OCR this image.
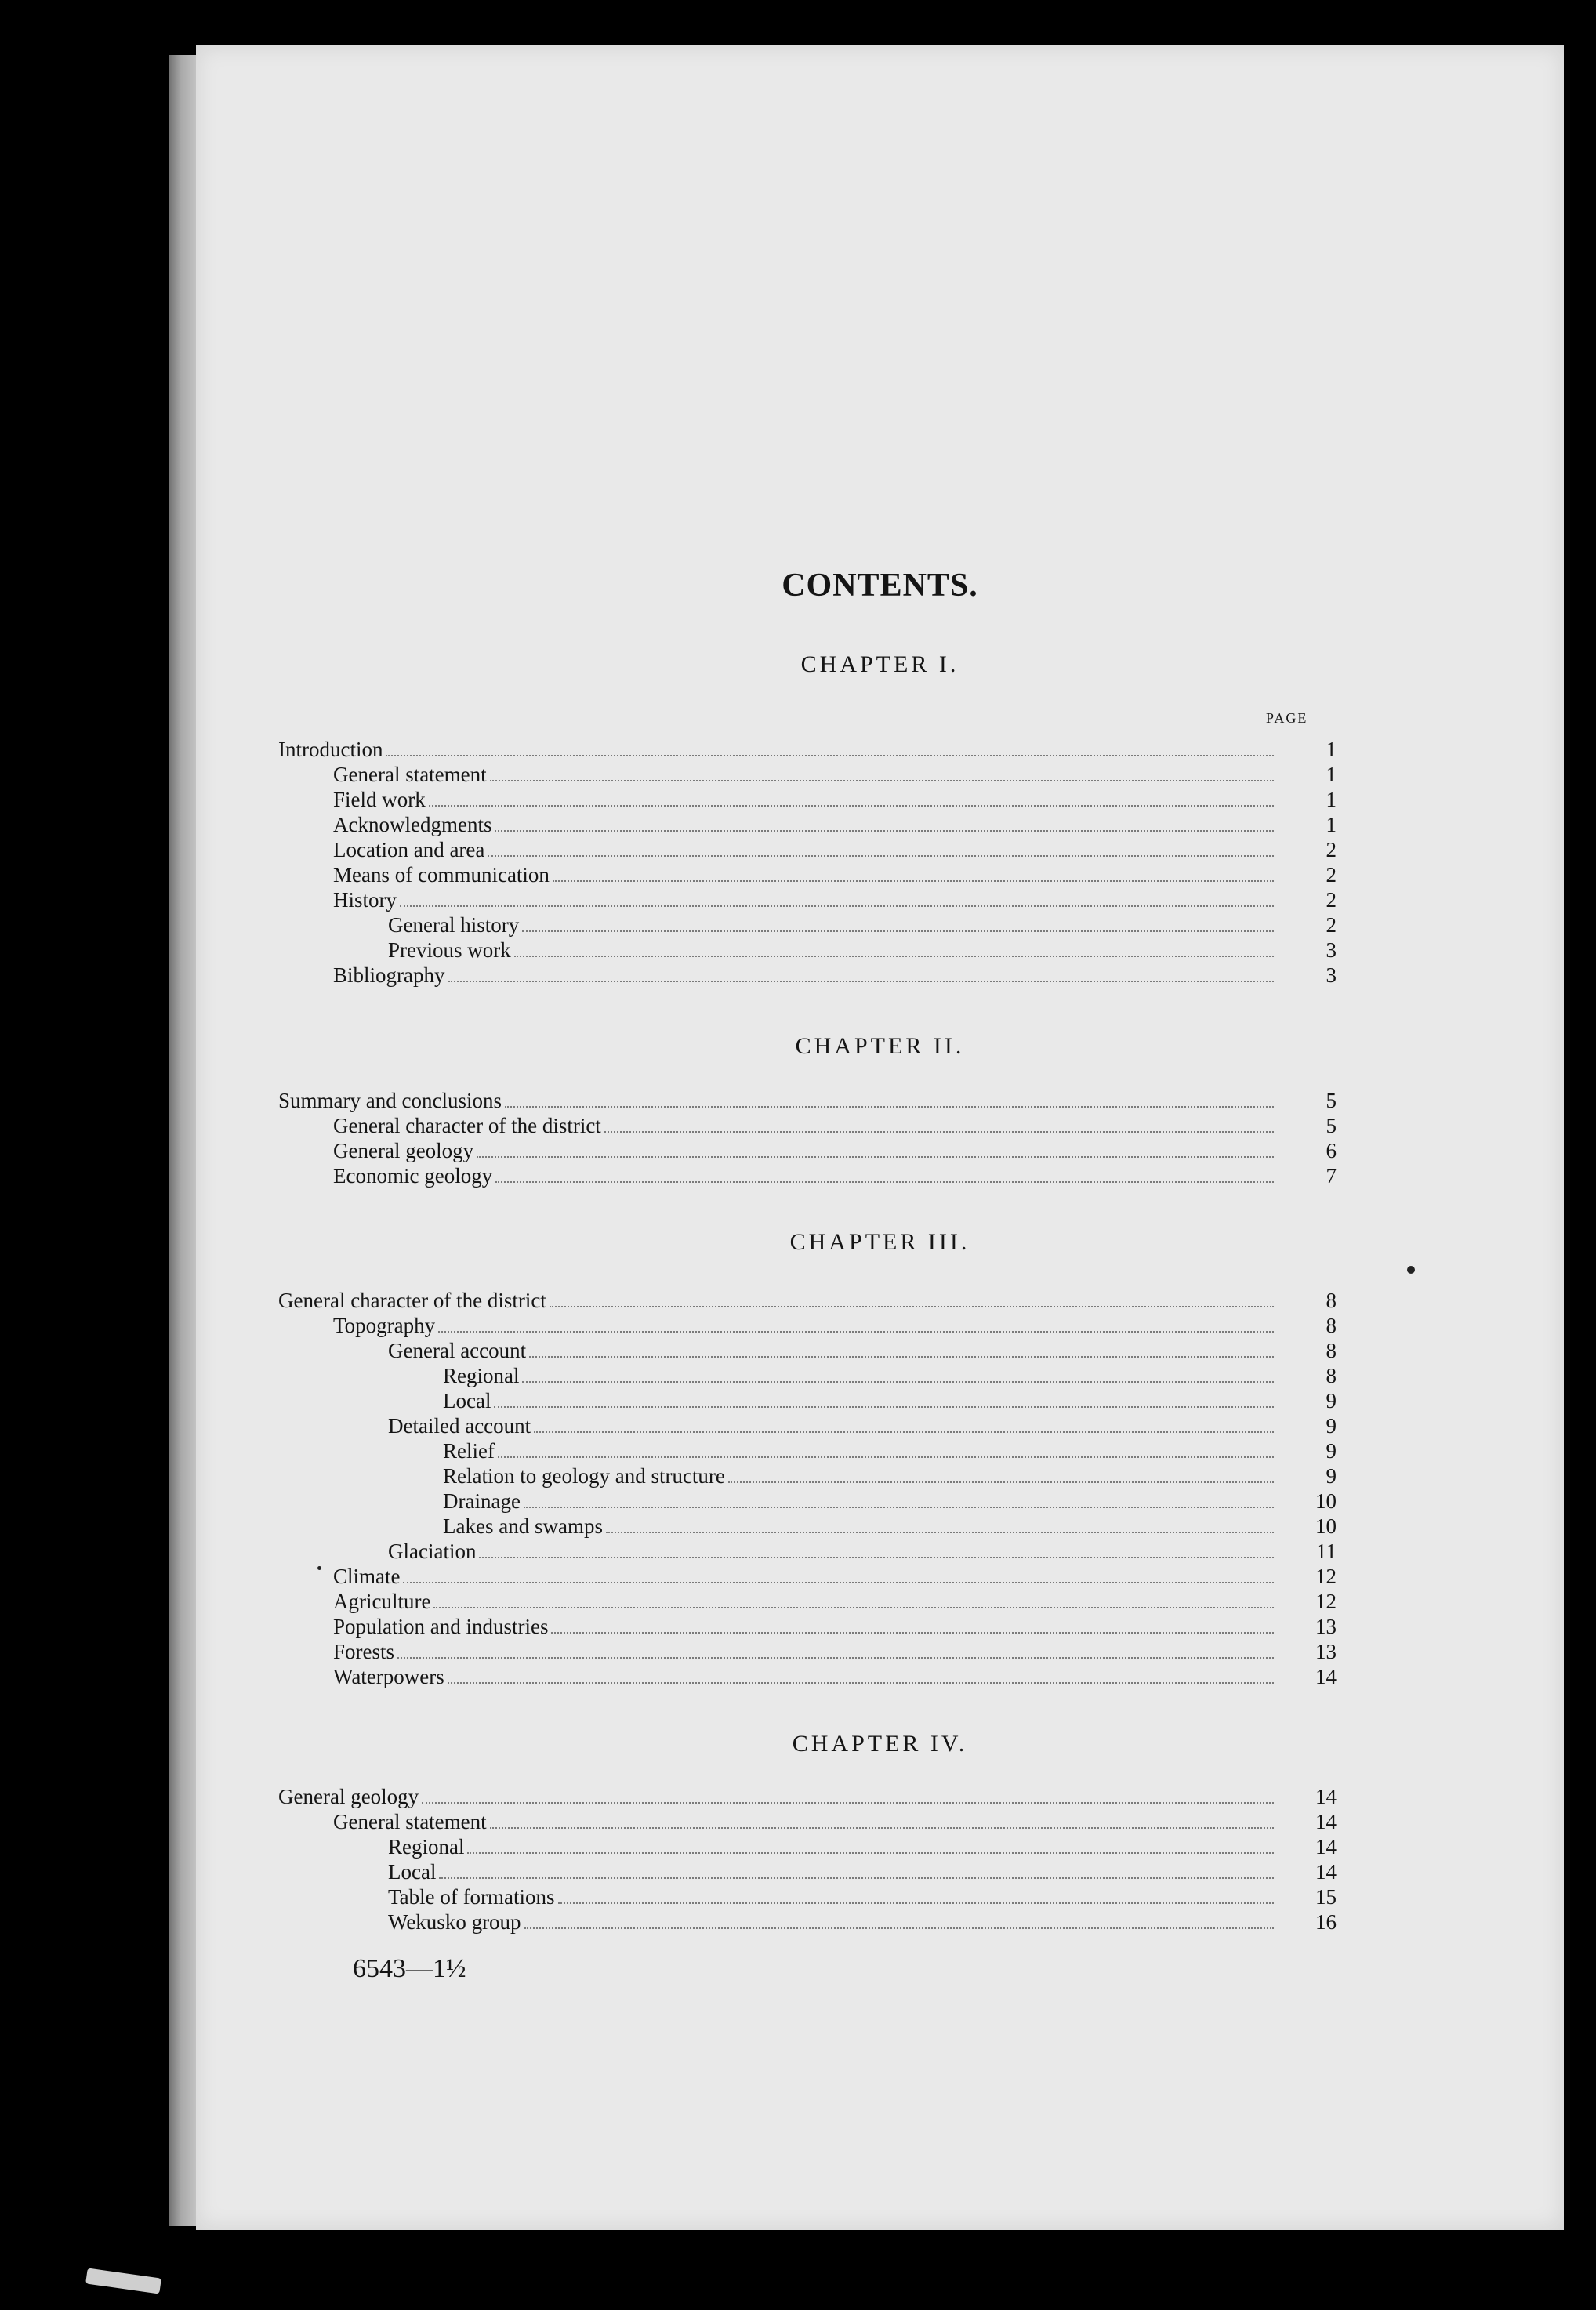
CONTENTS.
CHAPTER I.
PAGE
Introduction	1
General statement	1
Field work	1
Acknowledgments	1
Location and area	2
Means of communication	2
History	2
General history	2
Previous work	3
Bibliography	3
CHAPTER II.
Summary and conclusions	5
General character of the district	5
General geology	6
Economic geology	7
CHAPTER III.
General character of the district	8
Topography	8
General account	8
Regional	8
Local	9
Detailed account	9
Relief	9
Relation to geology and structure	9
Drainage	10
Lakes and swamps	10
Glaciation	11
Climate	12
Agriculture	12
Population and industries	13
Forests	13
Waterpowers	14
CHAPTER IV.
General geology	14
General statement	14
Regional	14
Local	14
Table of formations	15
Wekusko group	16
6543—1½
